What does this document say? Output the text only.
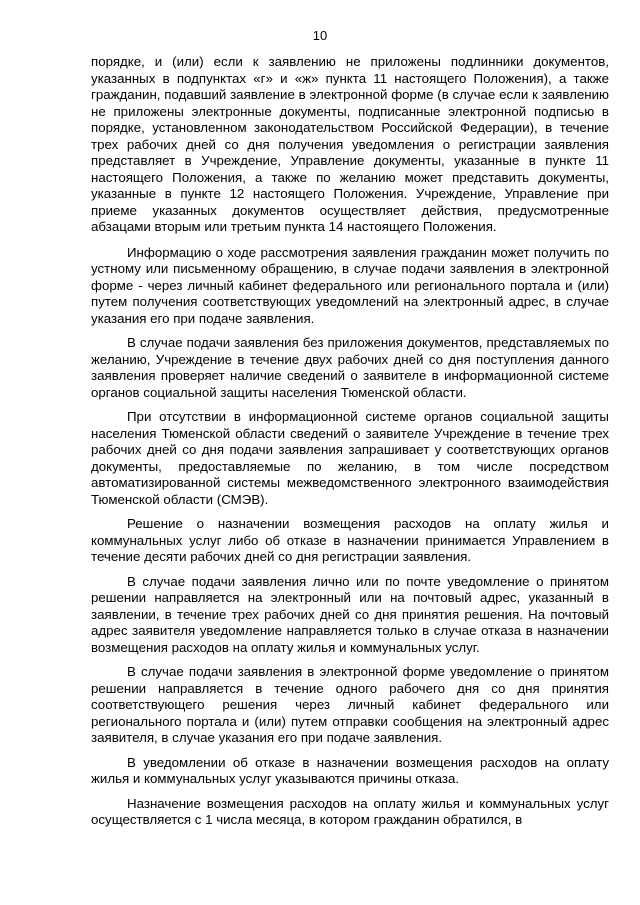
10

порядке, и (или) если к заявлению не приложены подлинники документов, указанных в подпунктах «г» и «ж» пункта 11 настоящего Положения), а также гражданин, подавший заявление в электронной форме (в случае если к заявлению не приложены электронные документы, подписанные электронной подписью в порядке, установленном законодательством Российской Федерации), в течение трех рабочих дней со дня получения уведомления о регистрации заявления представляет в Учреждение, Управление документы, указанные в пункте 11 настоящего Положения, а также по желанию может представить документы, указанные в пункте 12 настоящего Положения. Учреждение, Управление при приеме указанных документов осуществляет действия, предусмотренные абзацами вторым или третьим пункта 14 настоящего Положения.

Информацию о ходе рассмотрения заявления гражданин может получить по устному или письменному обращению, в случае подачи заявления в электронной форме - через личный кабинет федерального или регионального портала и (или) путем получения соответствующих уведомлений на электронный адрес, в случае указания его при подаче заявления.

В случае подачи заявления без приложения документов, представляемых по желанию, Учреждение в течение двух рабочих дней со дня поступления данного заявления проверяет наличие сведений о заявителе в информационной системе органов социальной защиты населения Тюменской области.

При отсутствии в информационной системе органов социальной защиты населения Тюменской области сведений о заявителе Учреждение в течение трех рабочих дней со дня подачи заявления запрашивает у соответствующих органов документы, предоставляемые по желанию, в том числе посредством автоматизированной системы межведомственного электронного взаимодействия Тюменской области (СМЭВ).

Решение о назначении возмещения расходов на оплату жилья и коммунальных услуг либо об отказе в назначении принимается Управлением в течение десяти рабочих дней со дня регистрации заявления.

В случае подачи заявления лично или по почте уведомление о принятом решении направляется на электронный или на почтовый адрес, указанный в заявлении, в течение трех рабочих дней со дня принятия решения. На почтовый адрес заявителя уведомление направляется только в случае отказа в назначении возмещения расходов на оплату жилья и коммунальных услуг.

В случае подачи заявления в электронной форме уведомление о принятом решении направляется в течение одного рабочего дня со дня принятия соответствующего решения через личный кабинет федерального или регионального портала и (или) путем отправки сообщения на электронный адрес заявителя, в случае указания его при подаче заявления.

В уведомлении об отказе в назначении возмещения расходов на оплату жилья и коммунальных услуг указываются причины отказа.

Назначение возмещения расходов на оплату жилья и коммунальных услуг осуществляется с 1 числа месяца, в котором гражданин обратился, в
